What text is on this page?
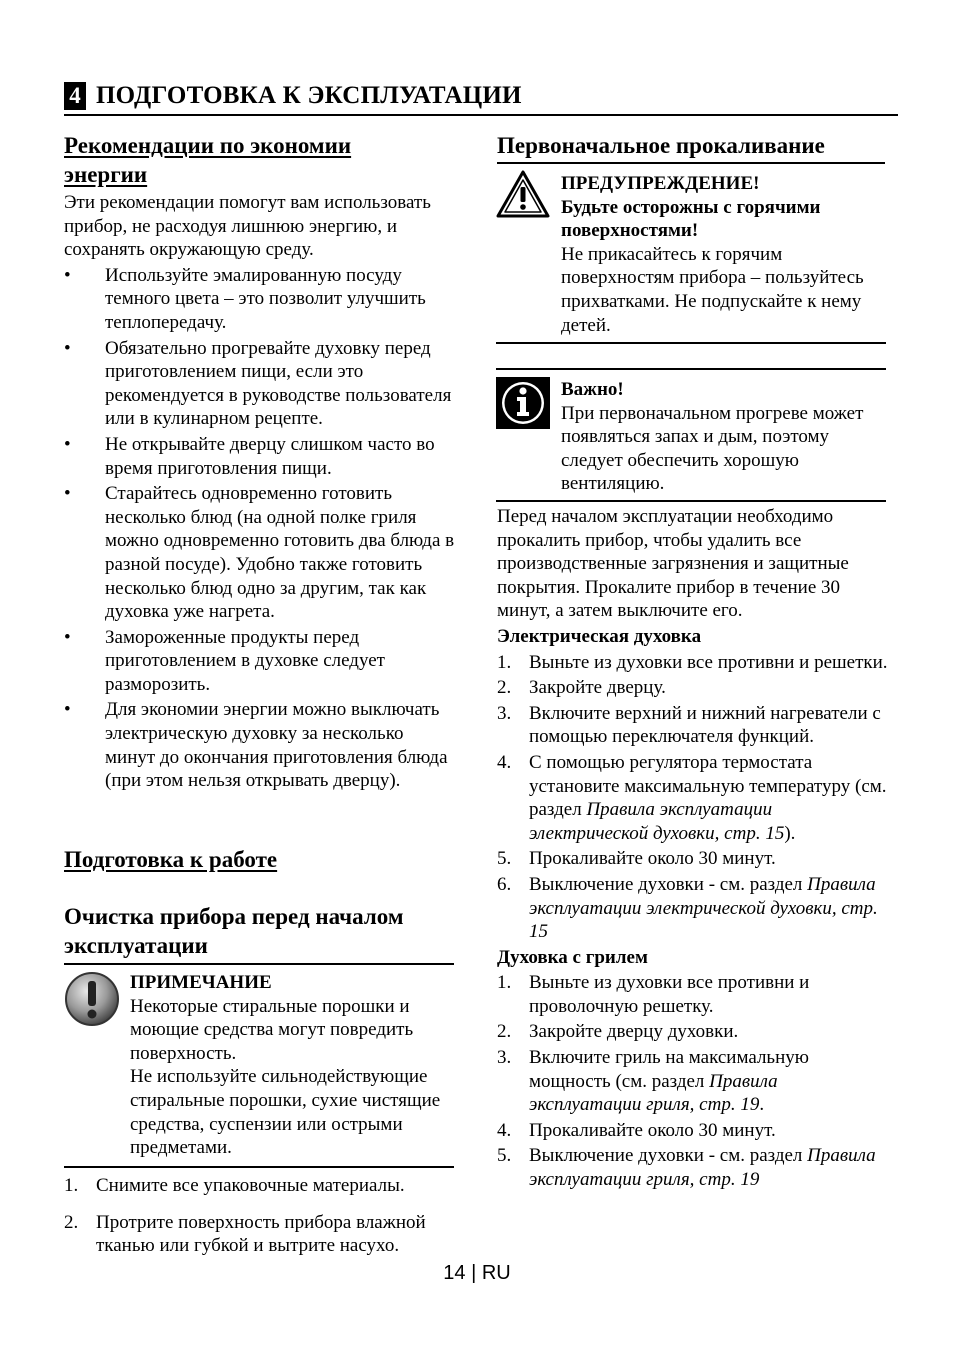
4 ПОДГОТОВКА К ЭКСПЛУАТАЦИИ
Рекомендации по экономии энергии
Эти рекомендации помогут вам использовать прибор, не расходуя лишнюю энергию, и сохранять окружающую среду.
• Используйте эмалированную посуду темного цвета – это позволит улучшить теплопередачу.
• Обязательно прогревайте духовку перед приготовлением пищи, если это рекомендуется в руководстве пользователя или в кулинарном рецепте.
• Не открывайте дверцу слишком часто во время приготовления пищи.
• Старайтесь одновременно готовить несколько блюд (на одной полке гриля можно одновременно готовить два блюда в разной посуде). Удобно также готовить несколько блюд одно за другим, так как духовка уже нагрета.
• Замороженные продукты перед приготовлением в духовке следует разморозить.
• Для экономии энергии можно выключать электрическую духовку за несколько минут до окончания приготовления блюда (при этом нельзя открывать дверцу).
Подготовка к работе
Очистка прибора перед началом эксплуатации
ПРИМЕЧАНИЕ
Некоторые стиральные порошки и моющие средства могут повредить поверхность.
Не используйте сильнодействующие стиральные порошки, сухие чистящие средства, суспензии или острыми предметами.
1. Снимите все упаковочные материалы.
2. Протрите поверхность прибора влажной тканью или губкой и вытрите насухо.
Первоначальное прокаливание
ПРЕДУПРЕЖДЕНИЕ!
Будьте осторожны с горячими поверхностями!
Не прикасайтесь к горячим поверхностям прибора – пользуйтесь прихватками. Не подпускайте к нему детей.
Важно!
При первоначальном прогреве может появляться запах и дым, поэтому следует обеспечить хорошую вентиляцию.
Перед началом эксплуатации необходимо прокалить прибор, чтобы удалить все производственные загрязнения и защитные покрытия. Прокалите прибор в течение 30 минут, а затем выключите его.
Электрическая духовка
1. Выньте из духовки все противни и решетки.
2. Закройте дверцу.
3. Включите верхний и нижний нагреватели с помощью переключателя функций.
4. С помощью регулятора термостата установите максимальную температуру (см. раздел Правила эксплуатации электрической духовки, стр. 15).
5. Прокаливайте около 30 минут.
6. Выключение духовки - см. раздел Правила эксплуатации электрической духовки, стр. 15
Духовка с грилем
1. Выньте из духовки все противни и проволочную решетку.
2. Закройте дверцу духовки.
3. Включите гриль на максимальную мощность (см. раздел Правила эксплуатации гриля, стр. 19.
4. Прокаливайте около 30 минут.
5. Выключение духовки - см. раздел Правила эксплуатации гриля, стр. 19
14 | RU
